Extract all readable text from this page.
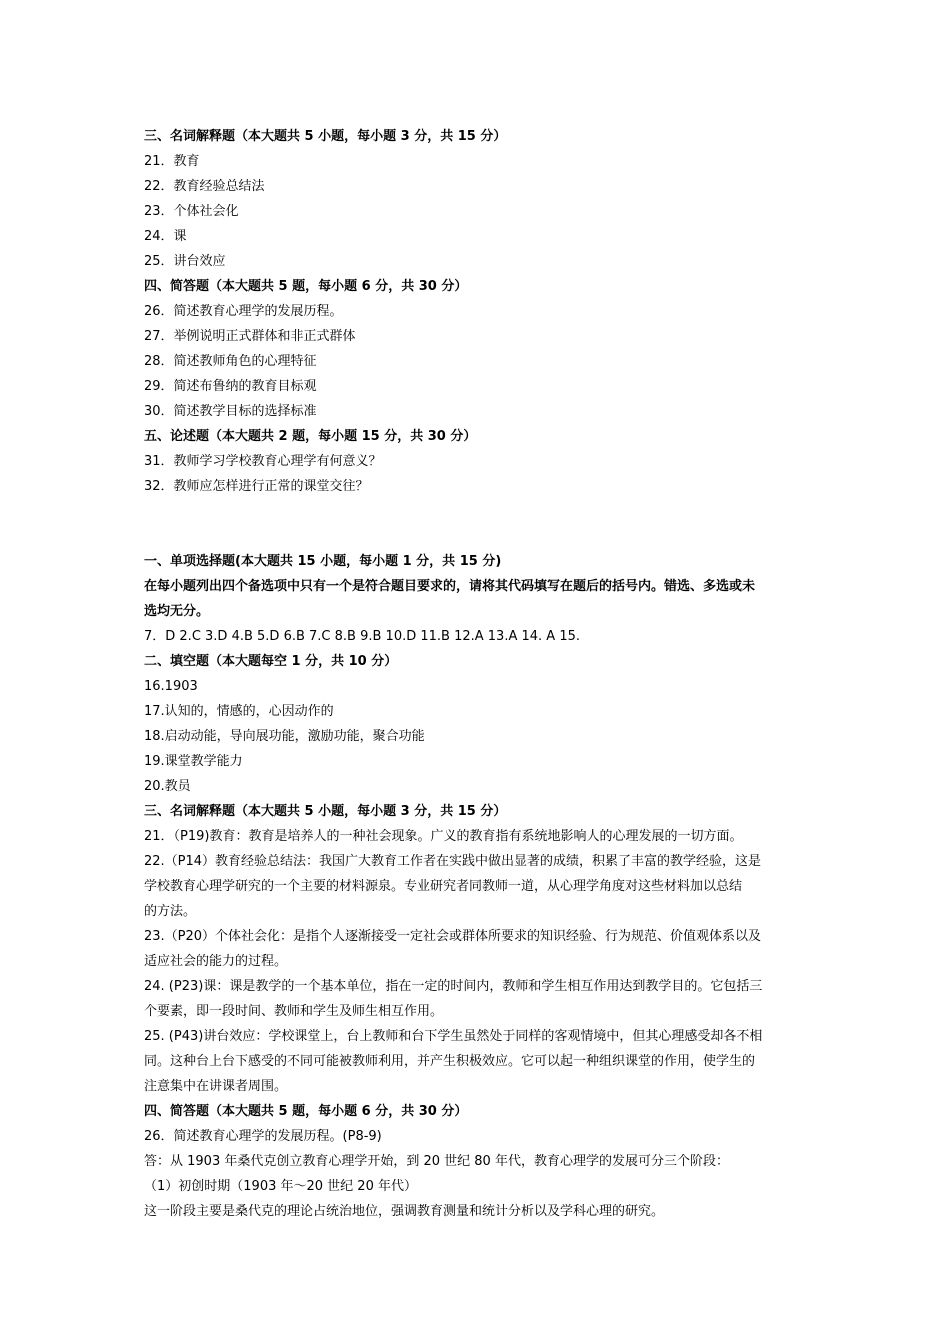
三、名词解释题（本大题共 5 小题，每小题 3 分，共 15 分）
21．教育
22．教育经验总结法
23．个体社会化
24．课
25．讲台效应
四、简答题（本大题共 5 题，每小题 6 分，共 30 分）
26．简述教育心理学的发展历程。
27．举例说明正式群体和非正式群体
28．简述教师角色的心理特征
29．简述布鲁纳的教育目标观
30．简述教学目标的选择标准
五、论述题（本大题共 2 题，每小题 15 分，共 30 分）
31．教师学习学校教育心理学有何意义？
32．教师应怎样进行正常的课堂交往？
一、单项选择题(本大题共 15 小题，每小题 1 分，共 15 分)
在每小题列出四个备选项中只有一个是符合题目要求的，请将其代码填写在题后的括号内。错选、多选或未
选均无分。
7．D 2.C 3.D 4.B 5.D 6.B 7.C 8.B 9.B 10.D 11.B 12.A 13.A 14. A 15.
二、填空题（本大题每空 1 分，共 10 分）
16.1903
17.认知的，情感的，心因动作的
18.启动动能，导向展功能，激励功能，聚合功能
19.课堂教学能力
20.教员
三、名词解释题（本大题共 5 小题，每小题 3 分，共 15 分）
21．（P19)教育：教育是培养人的一种社会现象。广义的教育指有系统地影响人的心理发展的一切方面。
22.（P14）教育经验总结法：我国广大教育工作者在实践中做出显著的成绩，积累了丰富的教学经验，这是
学校教育心理学研究的一个主要的材料源泉。专业研究者同教师一道，从心理学角度对这些材料加以总结
的方法。
23.（P20）个体社会化：是指个人逐渐接受一定社会或群体所要求的知识经验、行为规范、价值观体系以及
适应社会的能力的过程。
24. (P23)课：课是教学的一个基本单位，指在一定的时间内，教师和学生相互作用达到教学目的。它包括三
个要素，即一段时间、教师和学生及师生相互作用。
25. (P43)讲台效应：学校课堂上，台上教师和台下学生虽然处于同样的客观情境中，但其心理感受却各不相
同。这种台上台下感受的不同可能被教师利用，并产生积极效应。它可以起一种组织课堂的作用，使学生的
注意集中在讲课者周围。
四、简答题（本大题共 5 题，每小题 6 分，共 30 分）
26．简述教育心理学的发展历程。(P8-9)
答：从 1903 年桑代克创立教育心理学开始，到 20 世纪 80 年代，教育心理学的发展可分三个阶段：
（1）初创时期（1903 年～20 世纪 20 年代）
这一阶段主要是桑代克的理论占统治地位，强调教育测量和统计分析以及学科心理的研究。
